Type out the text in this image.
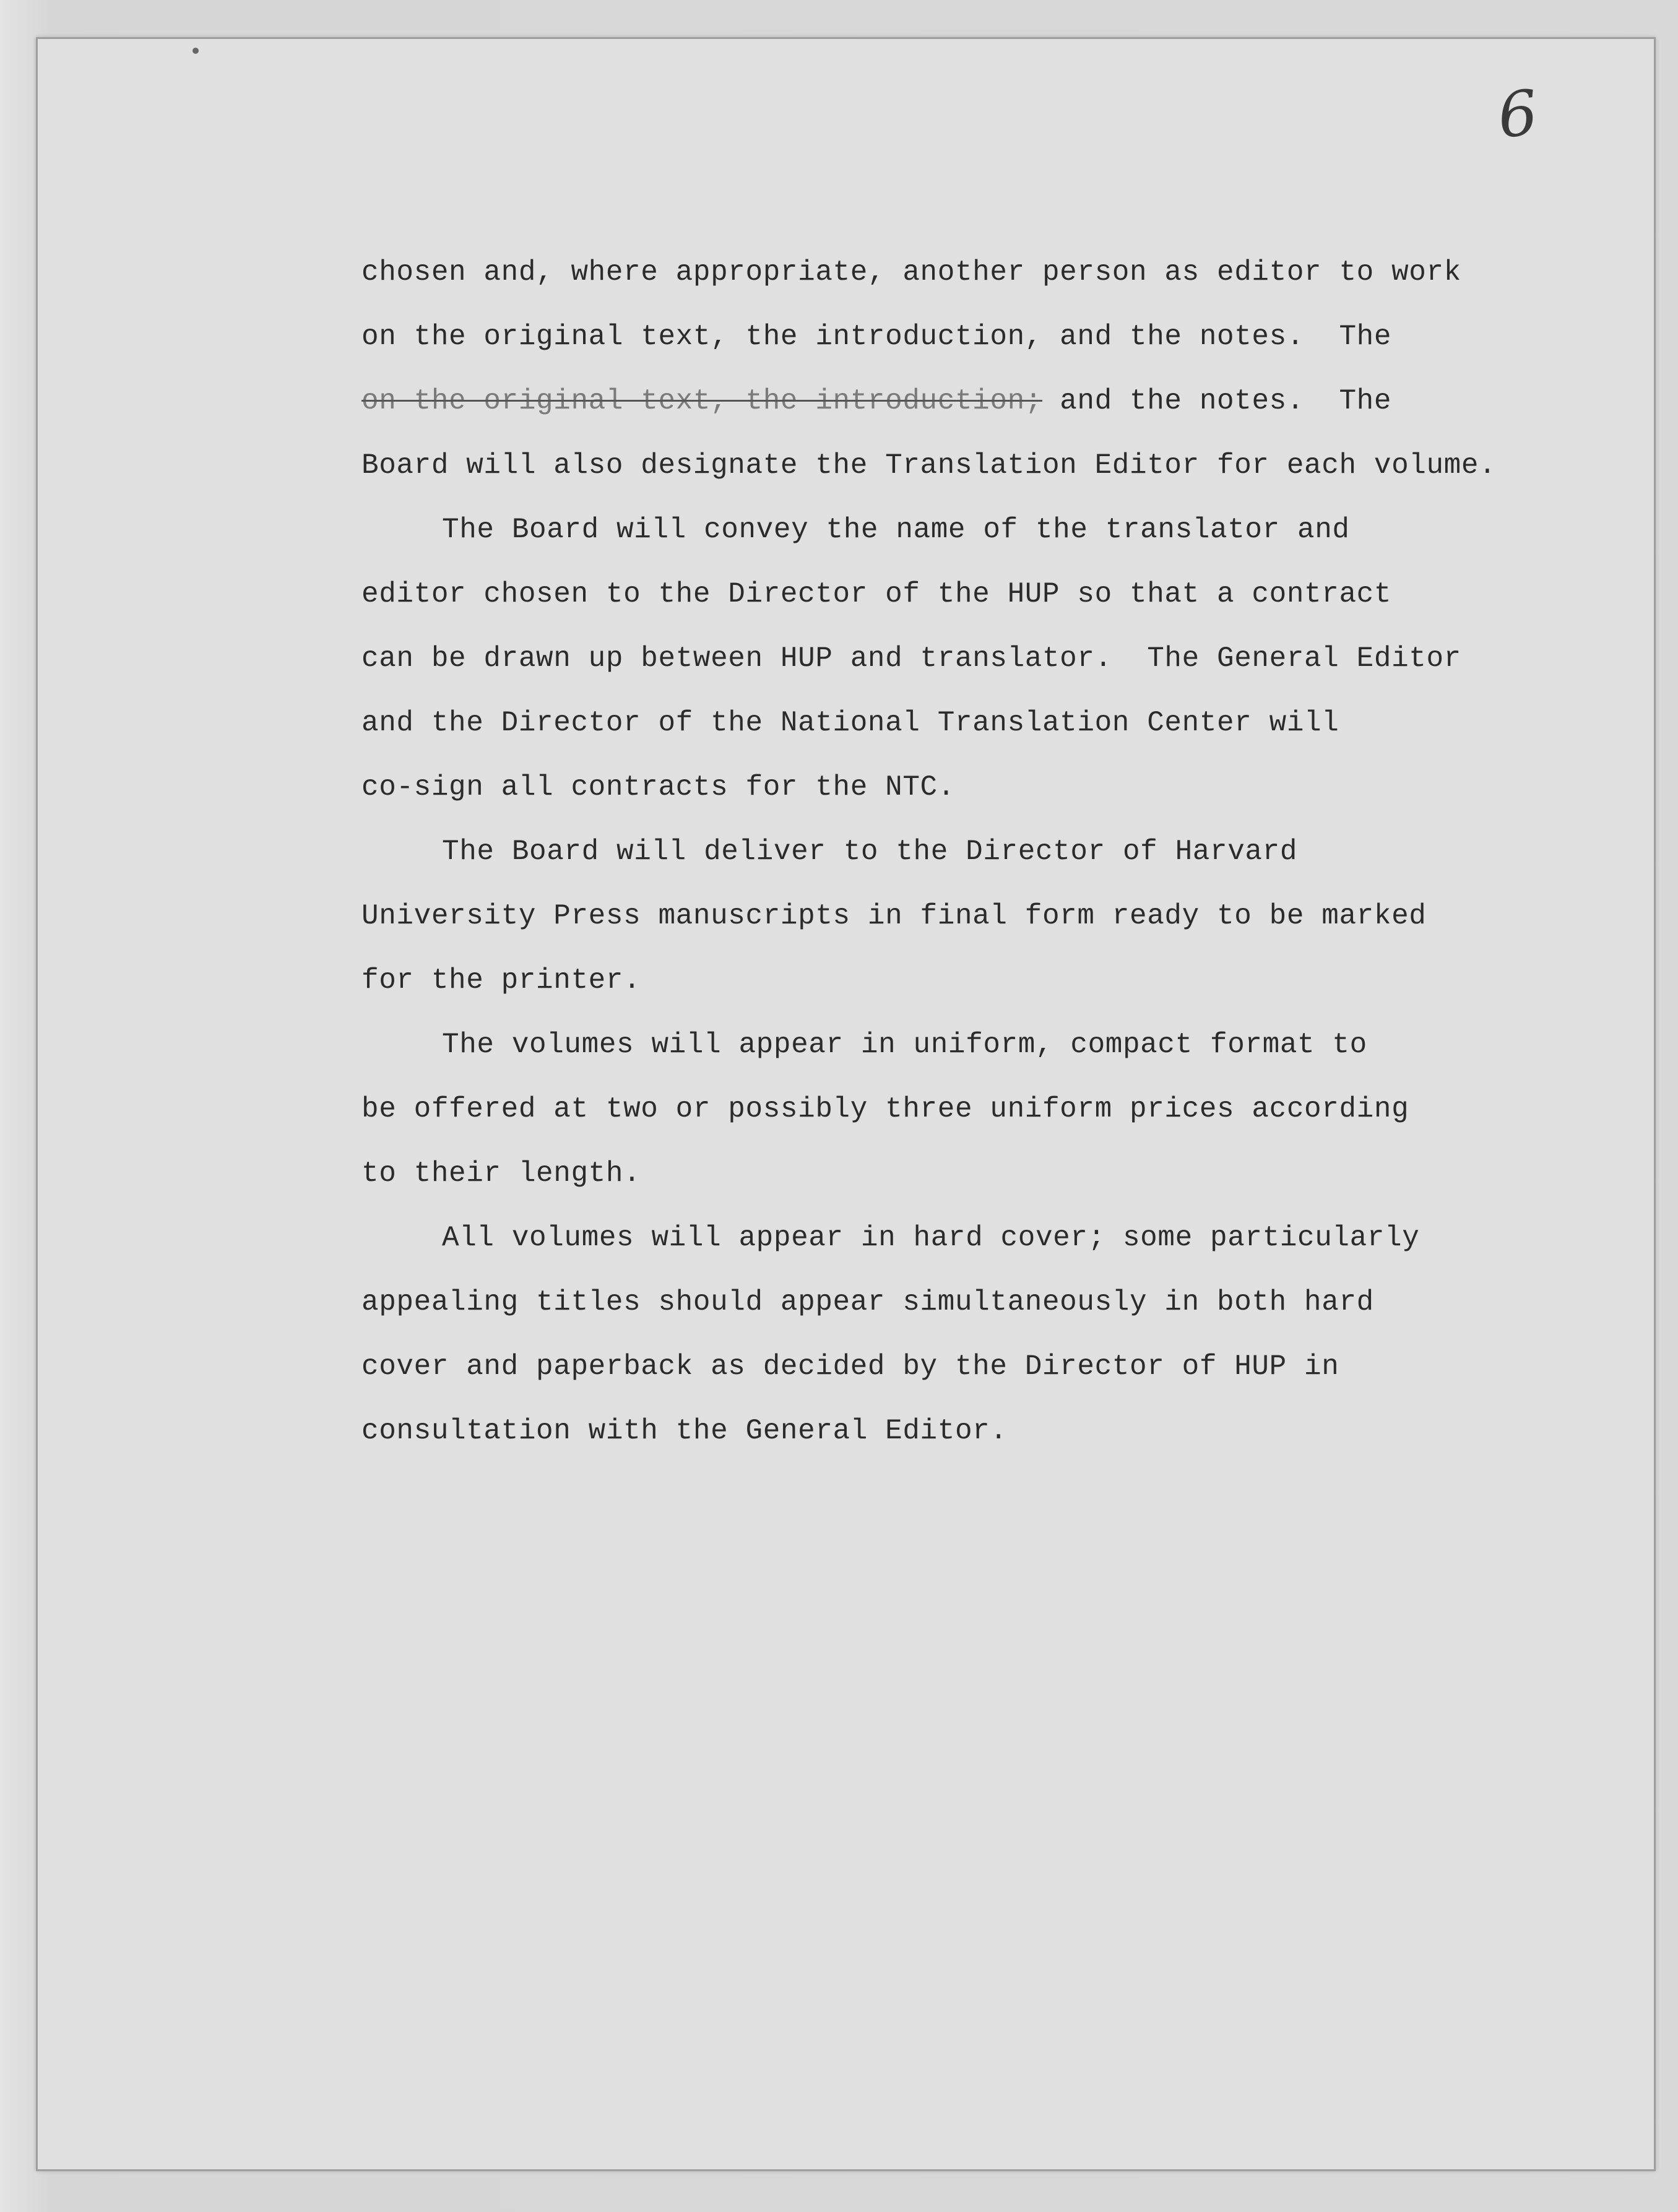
6
chosen and, where appropriate, another person as editor to work
on the original text, the introduction, and the notes.  The
on the original text, the introduction; and the notes.  The
Board will also designate the Translation Editor for each volume.
The Board will convey the name of the translator and
editor chosen to the Director of the HUP so that a contract
can be drawn up between HUP and translator.  The General Editor
and the Director of the National Translation Center will
co-sign all contracts for the NTC.
The Board will deliver to the Director of Harvard
University Press manuscripts in final form ready to be marked
for the printer.
The volumes will appear in uniform, compact format to
be offered at two or possibly three uniform prices according
to their length.
All volumes will appear in hard cover; some particularly
appealing titles should appear simultaneously in both hard
cover and paperback as decided by the Director of HUP in
consultation with the General Editor.
